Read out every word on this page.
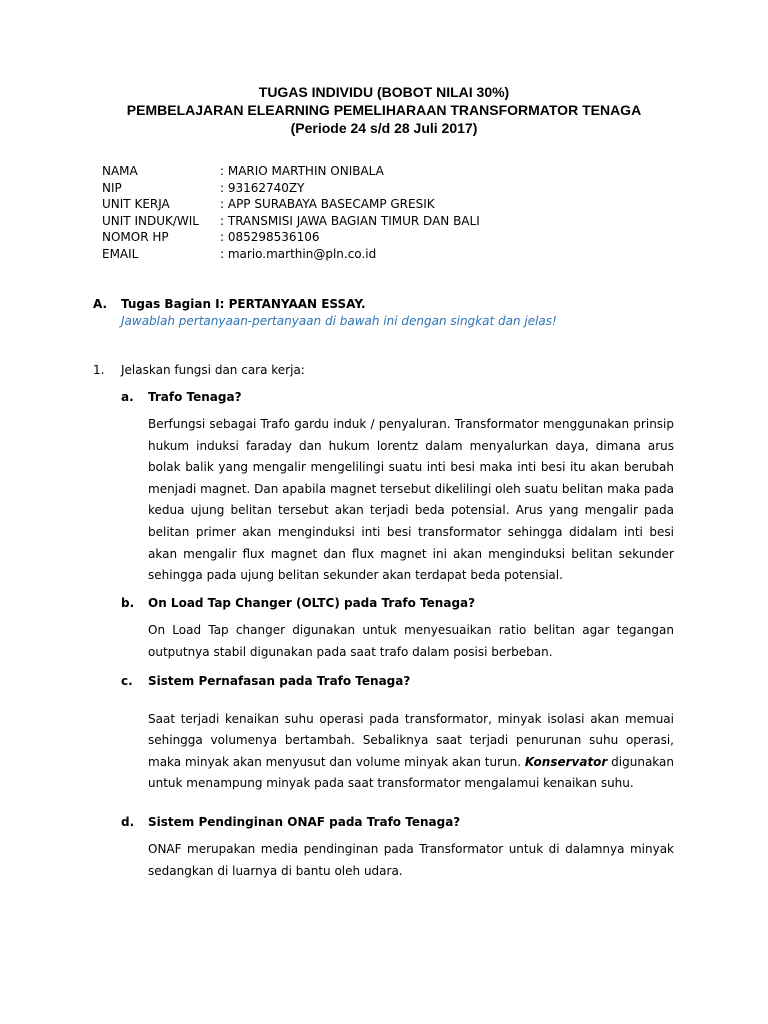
TUGAS INDIVIDU (BOBOT NILAI 30%)
PEMBELAJARAN ELEARNING PEMELIHARAAN TRANSFORMATOR TENAGA
(Periode 24 s/d 28 Juli 2017)
NAMA	: MARIO MARTHIN ONIBALA
NIP	: 93162740ZY
UNIT KERJA	: APP SURABAYA BASECAMP GRESIK
UNIT INDUK/WIL	: TRANSMISI JAWA BAGIAN TIMUR DAN BALI
NOMOR HP	: 085298536106
EMAIL	: mario.marthin@pln.co.id
A. Tugas Bagian I: PERTANYAAN ESSAY.
Jawablah pertanyaan-pertanyaan di bawah ini dengan singkat dan jelas!
1. Jelaskan fungsi dan cara kerja:
a. Trafo Tenaga?
Berfungsi sebagai Trafo gardu induk / penyaluran. Transformator menggunakan prinsip hukum induksi faraday dan hukum lorentz dalam menyalurkan daya, dimana arus bolak balik yang mengalir mengelilingi suatu inti besi maka inti besi itu akan berubah menjadi magnet. Dan apabila magnet tersebut dikelilingi oleh suatu belitan maka pada kedua ujung belitan tersebut akan terjadi beda potensial. Arus yang mengalir pada belitan primer akan menginduksi inti besi transformator sehingga didalam inti besi akan mengalir flux magnet dan flux magnet ini akan menginduksi belitan sekunder sehingga pada ujung belitan sekunder akan terdapat beda potensial.
b. On Load Tap Changer (OLTC) pada Trafo Tenaga?
On Load Tap changer digunakan untuk menyesuaikan ratio belitan agar tegangan outputnya stabil digunakan pada saat trafo dalam posisi berbeban.
c. Sistem Pernafasan pada Trafo Tenaga?
Saat terjadi kenaikan suhu operasi pada transformator, minyak isolasi akan memuai sehingga volumenya bertambah. Sebaliknya saat terjadi penurunan suhu operasi, maka minyak akan menyusut dan volume minyak akan turun. Konservator digunakan untuk menampung minyak pada saat transformator mengalamui kenaikan suhu.
d. Sistem Pendinginan ONAF pada Trafo Tenaga?
ONAF merupakan media pendinginan pada Transformator untuk di dalamnya minyak sedangkan di luarnya di bantu oleh udara.
